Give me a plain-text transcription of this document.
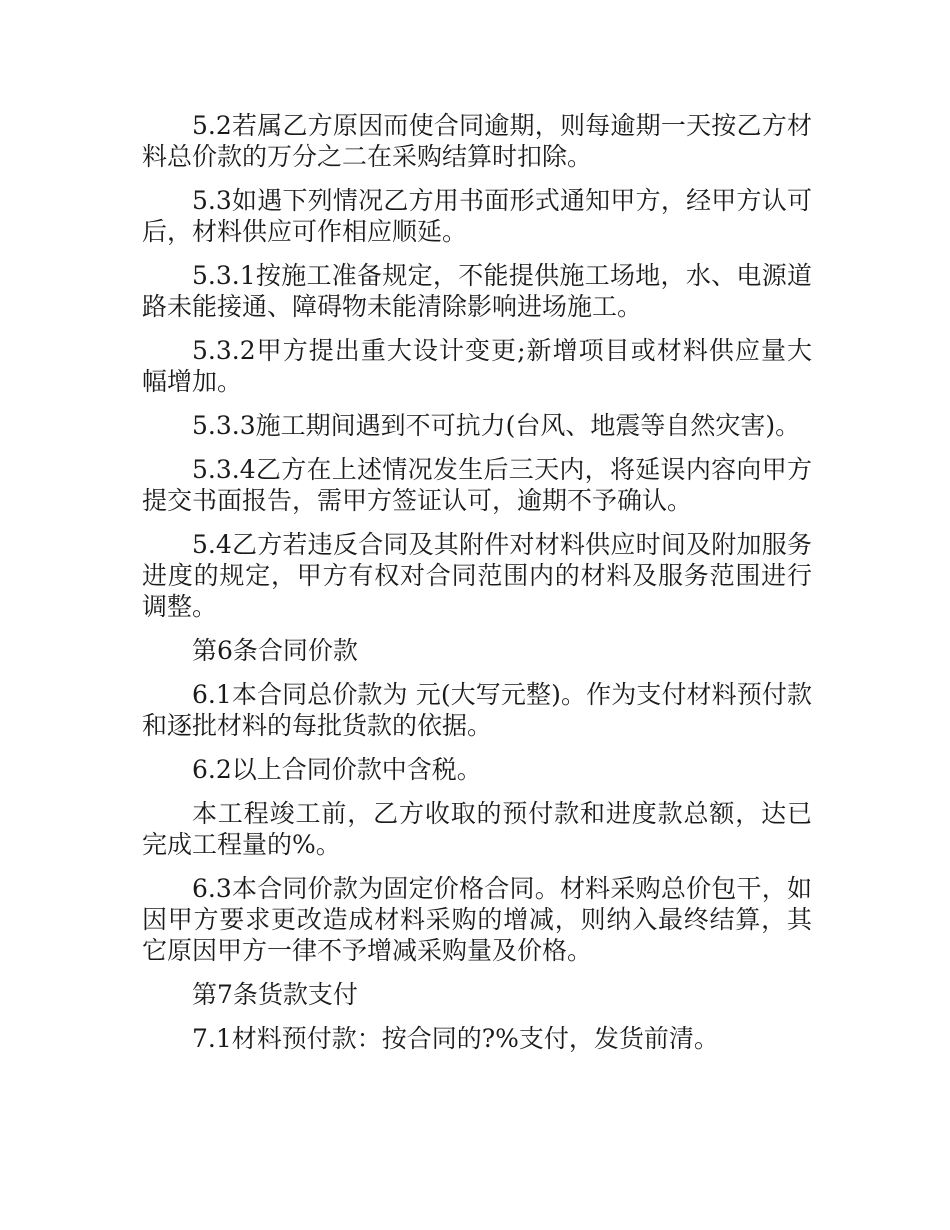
5.2若属乙方原因而使合同逾期，则每逾期一天按乙方材料总价款的万分之二在采购结算时扣除。

5.3如遇下列情况乙方用书面形式通知甲方，经甲方认可后，材料供应可作相应顺延。

5.3.1按施工准备规定，不能提供施工场地，水、电源道路未能接通、障碍物未能清除影响进场施工。

5.3.2甲方提出重大设计变更;新增项目或材料供应量大幅增加。

5.3.3施工期间遇到不可抗力(台风、地震等自然灾害)。

5.3.4乙方在上述情况发生后三天内，将延误内容向甲方提交书面报告，需甲方签证认可，逾期不予确认。

5.4乙方若违反合同及其附件对材料供应时间及附加服务进度的规定，甲方有权对合同范围内的材料及服务范围进行调整。

第6条合同价款

6.1本合同总价款为 元(大写元整)。作为支付材料预付款和逐批材料的每批货款的依据。

6.2以上合同价款中含税。

本工程竣工前，乙方收取的预付款和进度款总额，达已完成工程量的%。

6.3本合同价款为固定价格合同。材料采购总价包干，如因甲方要求更改造成材料采购的增减，则纳入最终结算，其它原因甲方一律不予增减采购量及价格。

第7条货款支付

7.1材料预付款：按合同的?%支付，发货前清。
